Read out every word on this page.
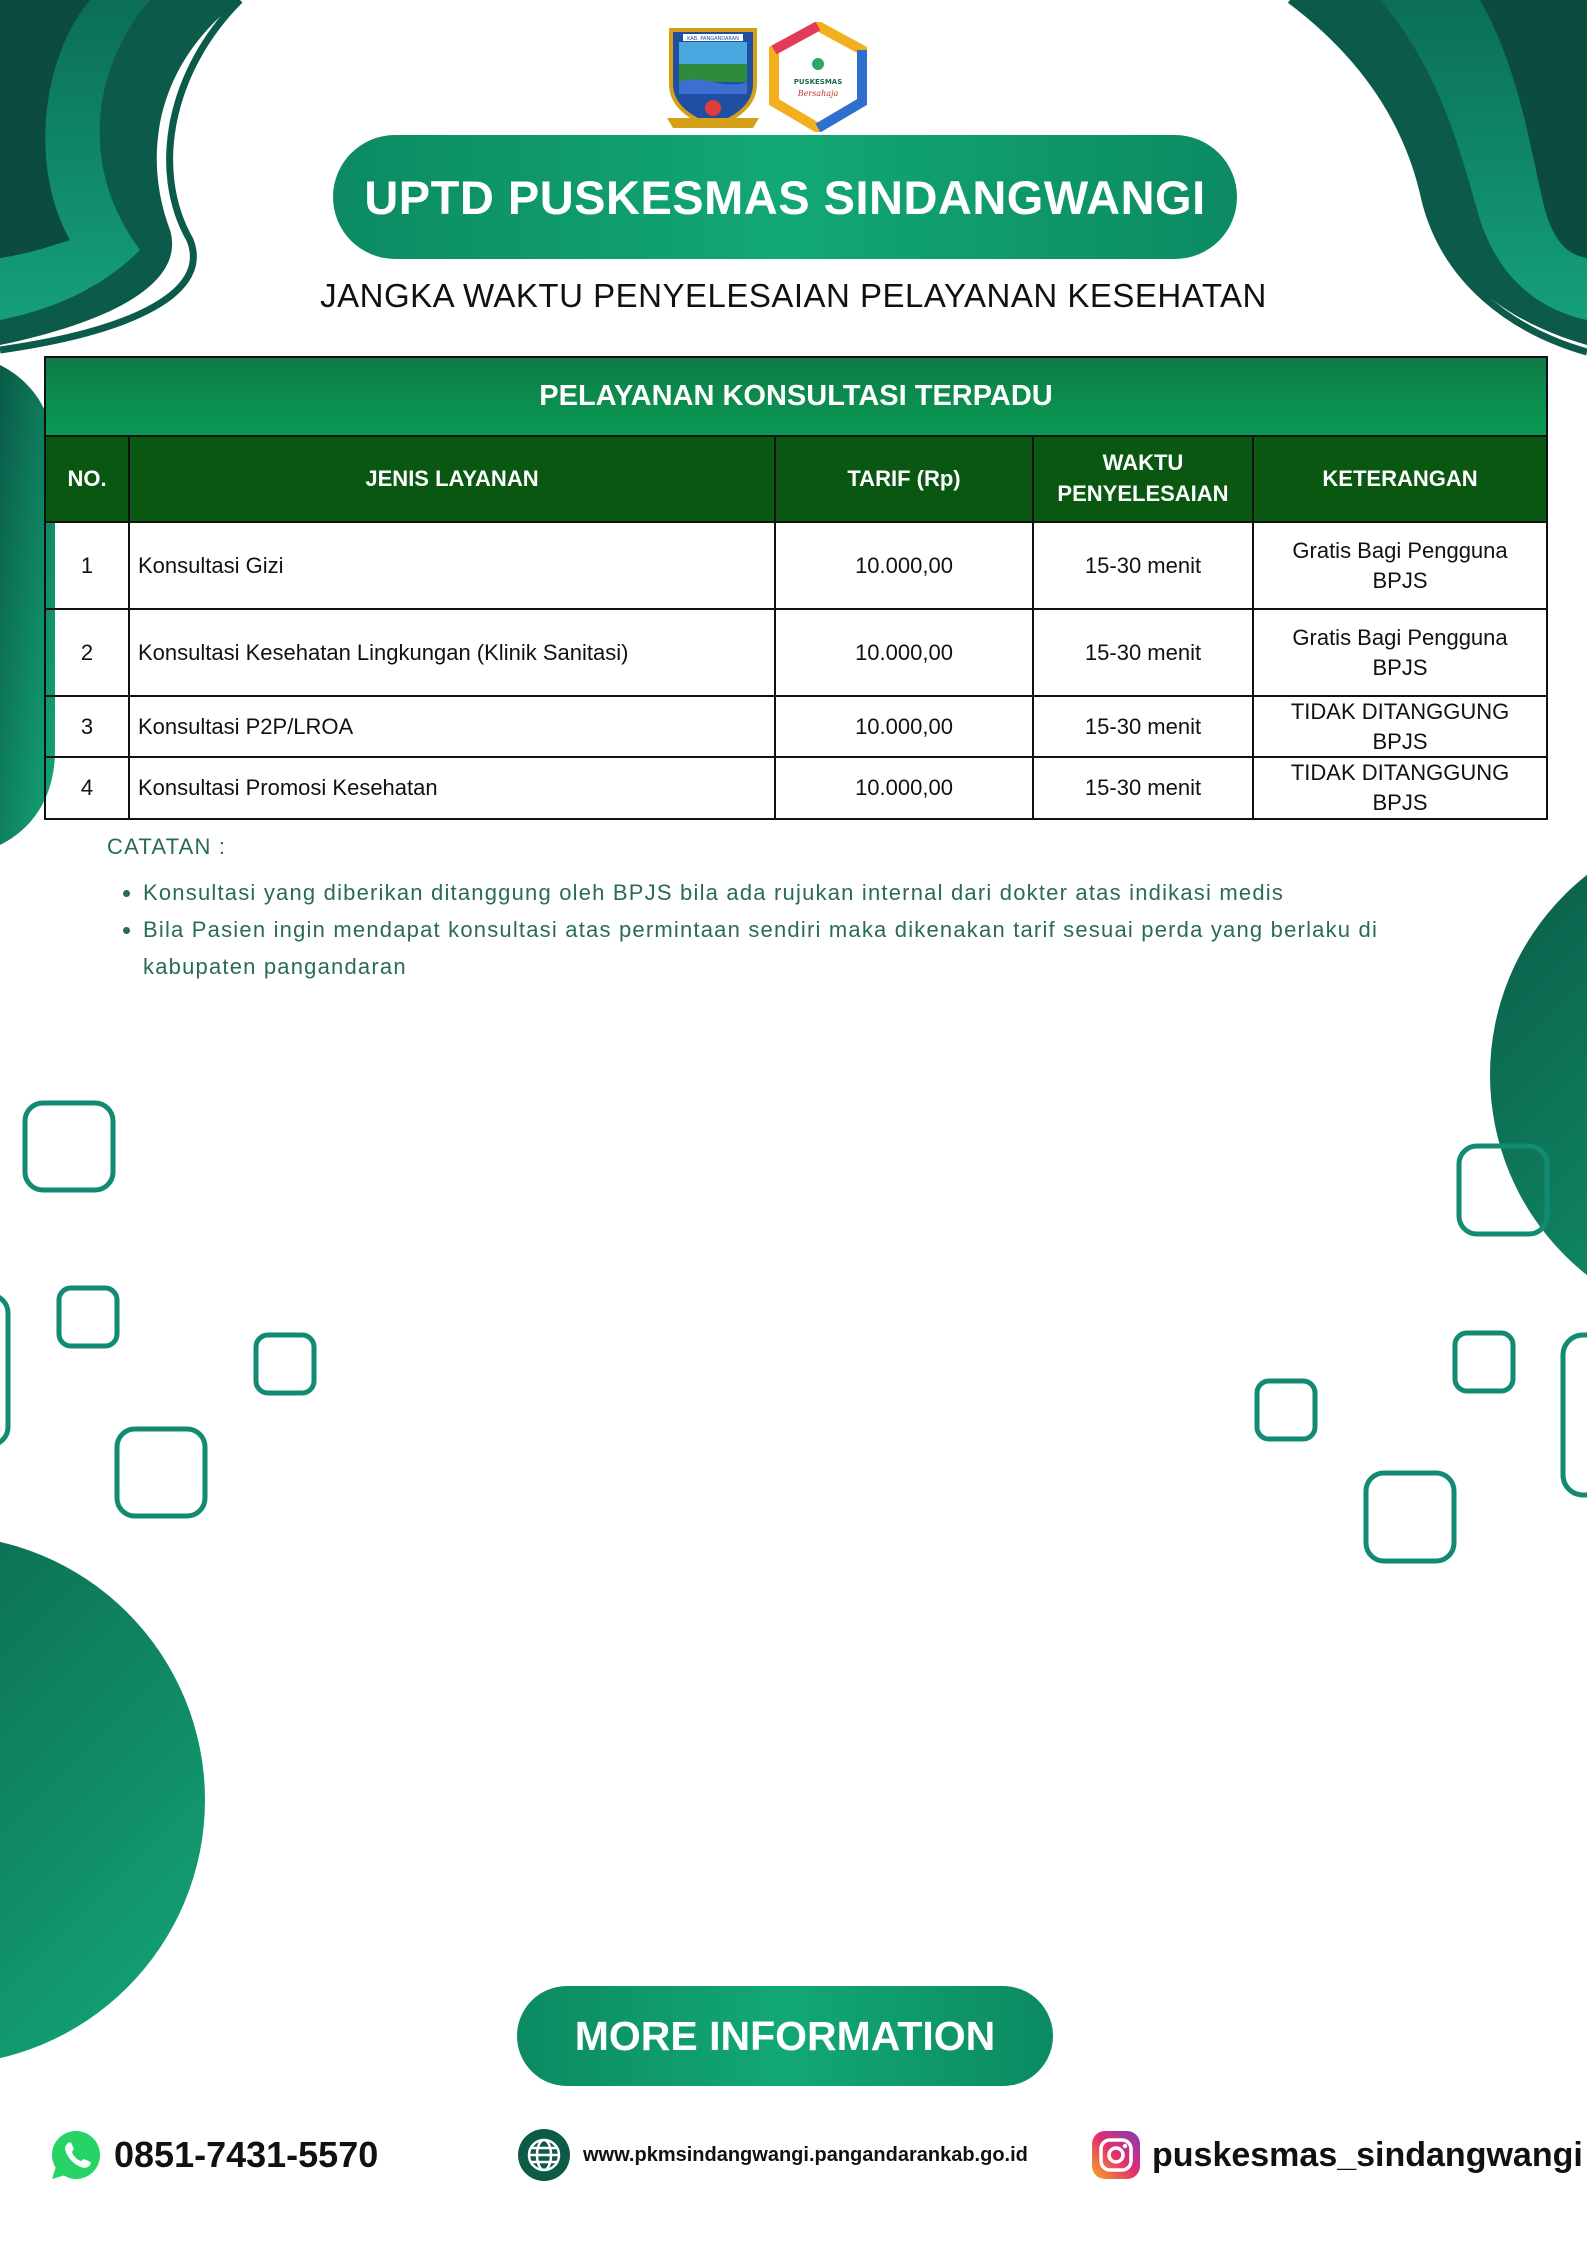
KAB. PANGANDARAN
PUSKESMAS
Bersahaja
UPTD PUSKESMAS SINDANGWANGI
JANGKA WAKTU PENYELESAIAN PELAYANAN KESEHATAN
PELAYANAN KONSULTASI TERPADU				
NO.	JENIS LAYANAN	TARIF (Rp)	WAKTU PENYELESAIAN	KETERANGAN
1	Konsultasi Gizi	10.000,00	15-30 menit	Gratis Bagi Pengguna BPJS
2	Konsultasi Kesehatan Lingkungan (Klinik Sanitasi)	10.000,00	15-30 menit	Gratis Bagi Pengguna BPJS
3	Konsultasi P2P/LROA	10.000,00	15-30 menit	TIDAK DITANGGUNG BPJS
4	Konsultasi Promosi Kesehatan	10.000,00	15-30 menit	TIDAK DITANGGUNG BPJS
CATATAN :
• Konsultasi yang diberikan ditanggung oleh BPJS bila ada rujukan internal dari dokter atas indikasi medis
• Bila Pasien ingin mendapat konsultasi atas permintaan sendiri maka dikenakan tarif sesuai perda yang berlaku di kabupaten pangandaran
MORE INFORMATION
0851-7431-5570	www.pkmsindangwangi.pangandarankab.go.id	puskesmas_sindangwangi
